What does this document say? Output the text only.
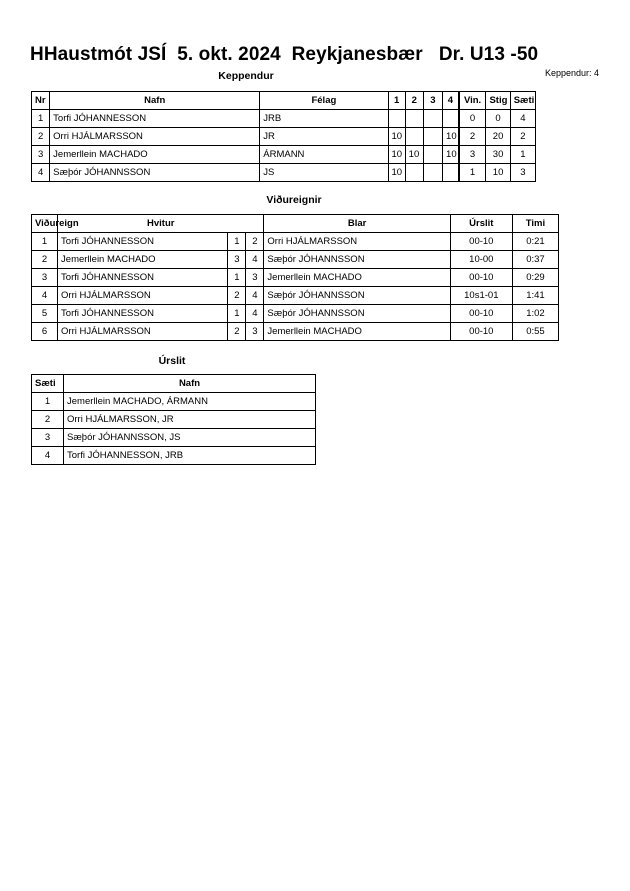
HHaustmót JSÍ  5. okt. 2024  Reykjanesbær   Dr. U13 -50
Keppendur: 4
Keppendur
Nr	Nafn	Félag	1	2	3	4	Vin.	Stig	Sæti
1	Torfi JÓHANNESSON	JRB					0	0	4
2	Orri HJÁLMARSSON	JR	10			10	2	20	2
3	Jemerllein MACHADO	ÁRMANN	10	10		10	3	30	1
4	Sæþór JÓHANNSSON	JS	10				1	10	3
Viðureignir
Viðureign	Hvitur			Blar	Úrslit	Timi
1	Torfi JÓHANNESSON	1	2	Orri HJÁLMARSSON	00-10	0:21
2	Jemerllein MACHADO	3	4	Sæþór JÓHANNSSON	10-00	0:37
3	Torfi JÓHANNESSON	1	3	Jemerllein MACHADO	00-10	0:29
4	Orri HJÁLMARSSON	2	4	Sæþór JÓHANNSSON	10s1-01	1:41
5	Torfi JÓHANNESSON	1	4	Sæþór JÓHANNSSON	00-10	1:02
6	Orri HJÁLMARSSON	2	3	Jemerllein MACHADO	00-10	0:55
Úrslit
Sæti	Nafn
1	Jemerllein MACHADO, ÁRMANN
2	Orri HJÁLMARSSON, JR
3	Sæþór JÓHANNSSON, JS
4	Torfi JÓHANNESSON, JRB
